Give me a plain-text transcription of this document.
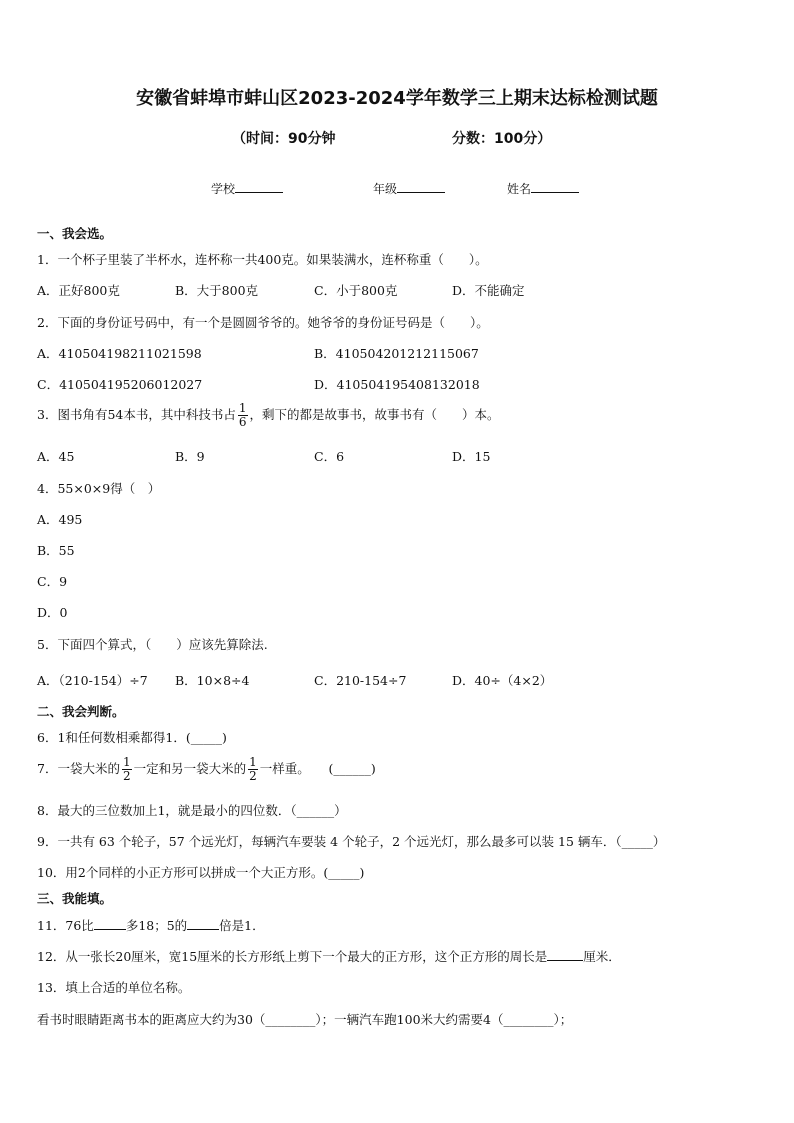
安徽省蚌埠市蚌山区2023-2024学年数学三上期末达标检测试题
（时间：90分钟	分数：100分）
学校	年级	姓名
一、我会选。
1．一个杯子里装了半杯水，连杯称一共400克。如果装满水，连杯称重（　　）。
A．正好800克	B．大于800克	C．小于800克	D．不能确定
2．下面的身份证号码中，有一个是圆圆爷爷的。她爷爷的身份证号码是（　　）。
A．410504198211021598	B．410504201212115067
C．410504195206012027	D．410504195408132018
3．图书角有54本书，其中科技书占 $\frac{1}{6}$ ，剩下的都是故事书，故事书有（　　）本。
A．45	B．9	C．6	D．15
4．55×0×9得（　）
A．495
B．55
C．9
D．0
5．下面四个算式，（　　）应该先算除法.
A．（210-154）÷7 B．10×8÷4	C．210-154÷7	D．40÷（4×2）
二、我会判断。
6．1和任何数相乘都得1．(_____)
7．一袋大米的 $\frac{1}{2}$ 一定和另一袋大米的 $\frac{1}{2}$ 一样重。　　(______)
8．最大的三位数加上1，就是最小的四位数．（______）
9．一共有 63 个轮子，57 个远光灯，每辆汽车要装 4 个轮子，2 个远光灯，那么最多可以装 15 辆车．（_____）
10．用2个同样的小正方形可以拼成一个大正方形。(_____)
三、我能填。
11．76比	多18；5的	倍是1．
12．从一张长20厘米，宽15厘米的长方形纸上剪下一个最大的正方形，这个正方形的周长是	厘米．
13．填上合适的单位名称。
看书时眼睛距离书本的距离应大约为30（________）；一辆汽车跑100米大约需要4（________）；
